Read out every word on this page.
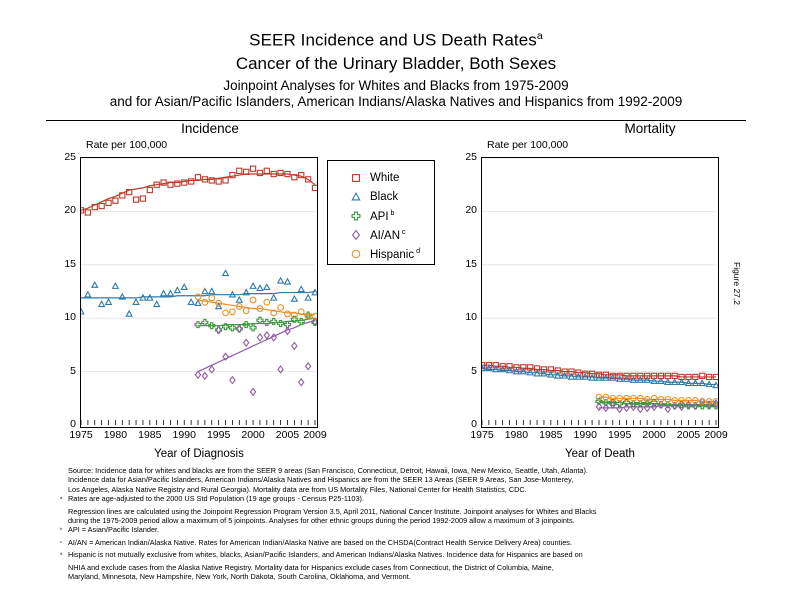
SEER Incidence and US Death Rates$^a$
Cancer of the Urinary Bladder, Both Sexes
Joinpoint Analyses for Whites and Blacks from 1975-2009
and for Asian/Pacific Islanders, American Indians/Alaska Natives and Hispanics from 1992-2009
Incidence	Mortality
Rate per 100,000	Rate per 100,000
0
5
10
15
20
25
1975	1980	1985	1990	1995	2000	2005 2009
0
5
10
15
20
25
1975	1980	1985	1990	1995	2000	2005 2009
Year of Diagnosis	Year of Death
White
Black
API $^b$
AI/AN $^c$
Hispanic $^d$
Source: Incidence data for whites and blacks are from the SEER 9 areas (San Francisco, Connecticut, Detroit, Hawaii, Iowa, New Mexico, Seattle, Utah, Atlanta).
Incidence data for Asian/Pacific Islanders, American Indians/Alaska Natives and Hispanics are from the SEER 13 Areas (SEER 9 Areas, San Jose-Monterey,
Los Angeles, Alaska Native Registry and Rural Georgia). Mortality data are from US Mortality Files, National Center for Health Statistics, CDC.
$^a$ Rates are age-adjusted to the 2000 US Std Population (19 age groups - Census P25-1103).
Regression lines are calculated using the Joinpoint Regression Program Version 3.5, April 2011, National Cancer Institute. Joinpoint analyses for Whites and Blacks
during the 1975-2009 period allow a maximum of 5 joinpoints. Analyses for other ethnic groups during the period 1992-2009 allow a maximum of 3 joinpoints.
$^b$ API = Asian/Pacific Islander.
$^c$ AI/AN = American Indian/Alaska Native. Rates for American Indian/Alaska Native are based on the CHSDA(Contract Health Service Delivery Area) counties.
$^d$ Hispanic is not mutually exclusive from whites, blacks, Asian/Pacific Islanders, and American Indians/Alaska Natives. Incidence data for Hispanics are based on
NHIA and exclude cases from the Alaska Native Registry. Mortality data for Hispanics exclude cases from Connecticut, the District of Columbia, Maine,
Maryland, Minnesota, New Hampshire, New York, North Dakota, South Carolina, Oklahoma, and Vermont.
Figure 27.2
